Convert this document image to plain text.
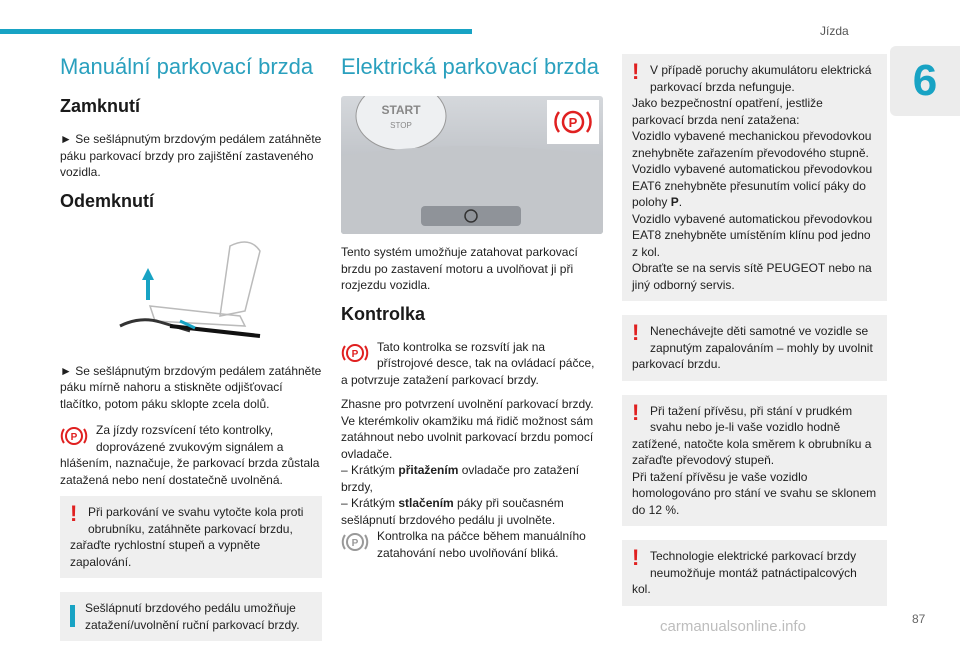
Jízda
6
Manuální parkovací brzda
Zamknutí

► Se sešlápnutým brzdovým pedálem zatáhněte páku parkovací brzdy pro zajištění zastaveného vozidla.

Odemknutí

► Se sešlápnutým brzdovým pedálem zatáhněte páku mírně nahoru a stiskněte odjišťovací tlačítko, potom páku sklopte zcela dolů.

P
Za jízdy rozsvícení této kontrolky, doprovázené zvukovým signálem a hlášením, naznačuje, že parkovací brzda zůstala zatažená nebo není dostatečně uvolněná.
! Při parkování ve svahu vytočte kola proti obrubníku, zatáhněte parkovací brzdu, zařaďte rychlostní stupeň a vypněte zapalování.

Sešlápnutí brzdového pedálu umožňuje zatažení/uvolnění ruční parkovací brzdy.

Elektrická parkovací brzda
START
STOP	P

Tento systém umožňuje zatahovat parkovací brzdu po zastavení motoru a uvolňovat ji při rozjezdu vozidla.

Kontrolka
P
Tato kontrolka se rozsvítí jak na přístrojové desce, tak na ovládací páčce, a potvrzuje zatažení parkovací brzdy.

Zhasne pro potvrzení uvolnění parkovací brzdy.

Ve kterémkoliv okamžiku má řidič možnost sám zatáhnout nebo uvolnit parkovací brzdu pomocí ovladače.

– Krátkým přitažením ovladače pro zatažení brzdy,

– Krátkým stlačením páky při současném sešlápnutí brzdového pedálu ji uvolněte.

P
Kontrolka na páčce během manuálního zatahování nebo uvolňování bliká.
! V případě poruchy akumulátoru elektrická parkovací brzda nefunguje.

Jako bezpečnostní opatření, jestliže parkovací brzda není zatažena:

Vozidlo vybavené mechanickou převodovkou znehybněte zařazením převodového stupně.

Vozidlo vybavené automatickou převodovkou EAT6 znehybněte přesunutím volicí páky do polohy P.

Vozidlo vybavené automatickou převodovkou EAT8 znehybněte umístěním klínu pod jedno z kol.

Obraťte se na servis sítě PEUGEOT nebo na jiný odborný servis.

! Nenechávejte děti samotné ve vozidle se zapnutým zapalováním – mohly by uvolnit parkovací brzdu.

! Při tažení přívěsu, při stání v prudkém svahu nebo je-li vaše vozidlo hodně zatížené, natočte kola směrem k obrubníku a zařaďte převodový stupeň.

Při tažení přívěsu je vaše vozidlo homologováno pro stání ve svahu se sklonem do 12 %.

! Technologie elektrické parkovací brzdy neumožňuje montáž patnáctipalcových kol.

carmanualsonline.info	87
